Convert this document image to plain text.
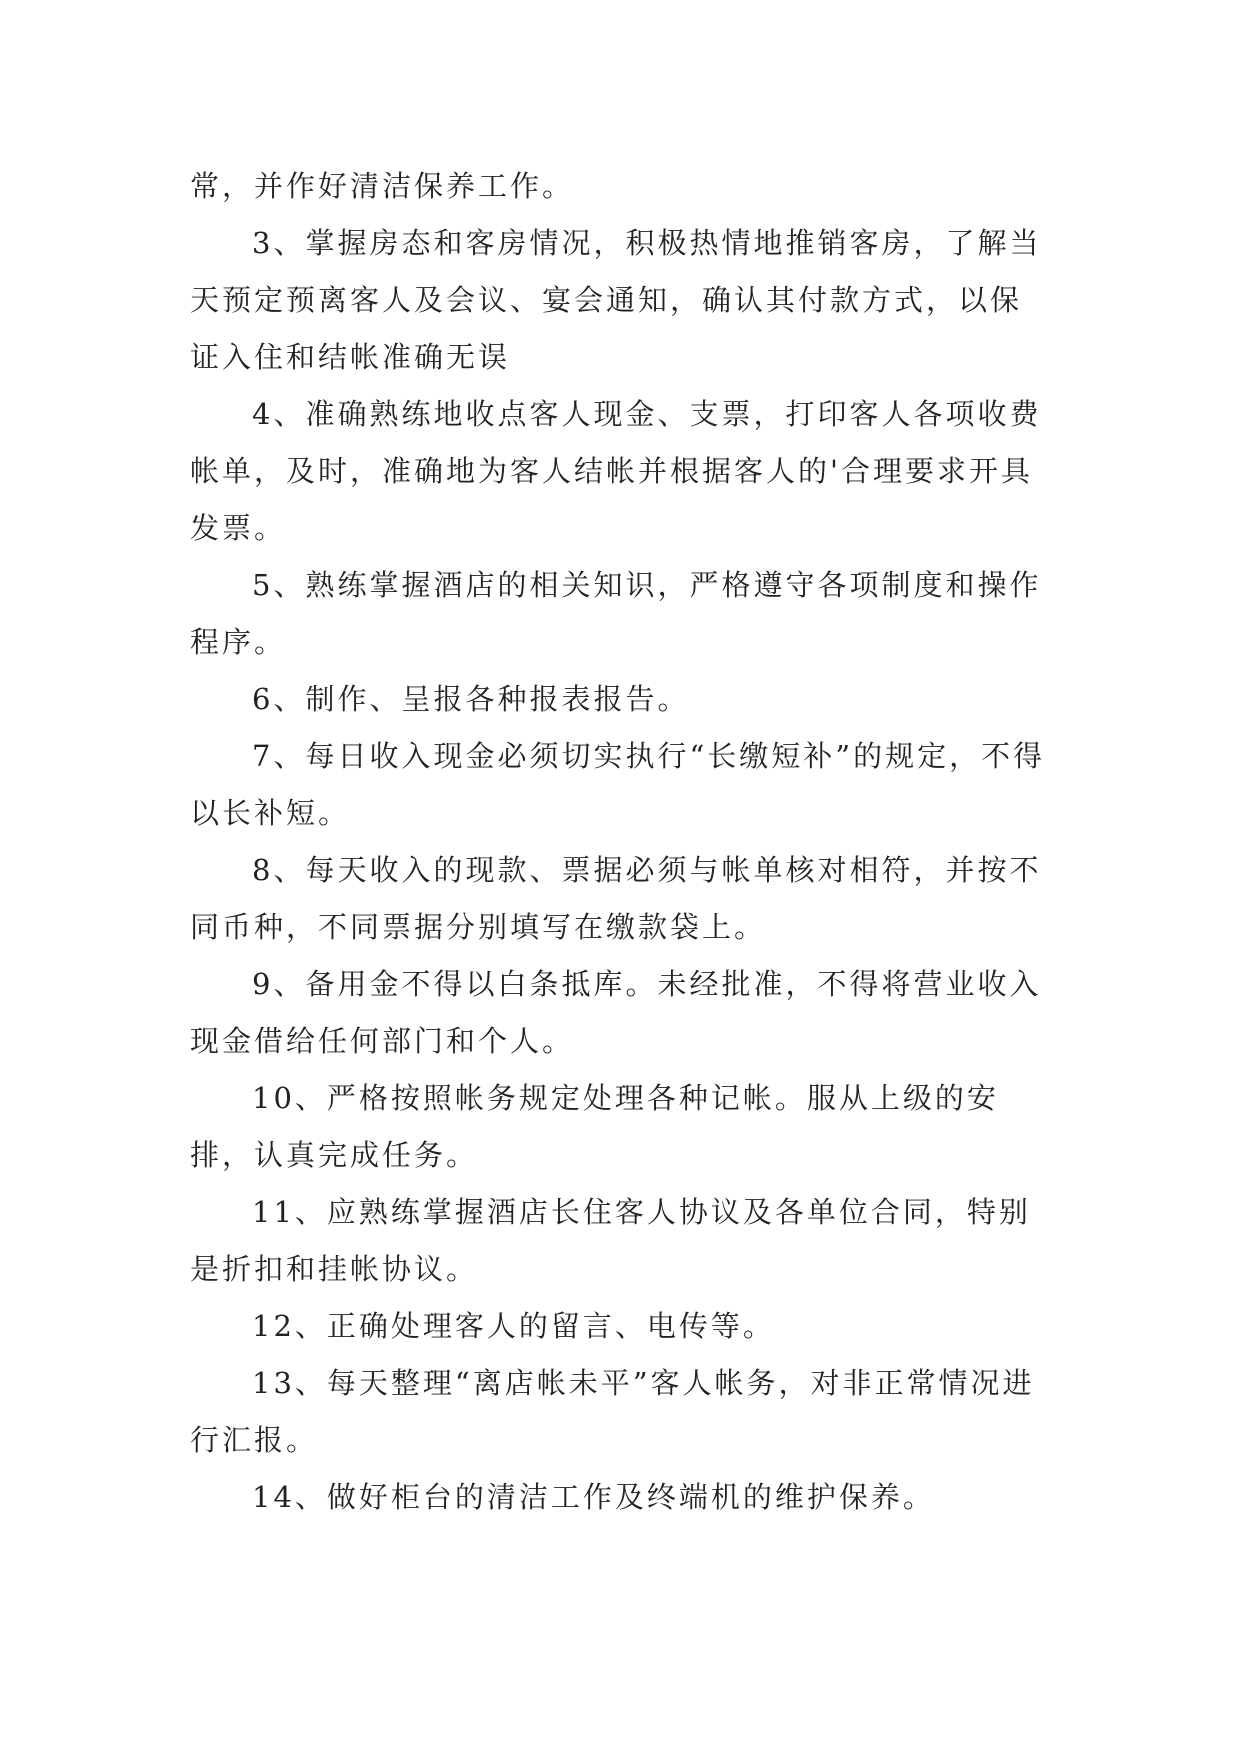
常，并作好清洁保养工作。

3、掌握房态和客房情况，积极热情地推销客房，了解当天预定预离客人及会议、宴会通知，确认其付款方式，以保证入住和结帐准确无误

4、准确熟练地收点客人现金、支票，打印客人各项收费帐单，及时，准确地为客人结帐并根据客人的'合理要求开具发票。

5、熟练掌握酒店的相关知识，严格遵守各项制度和操作程序。

6、制作、呈报各种报表报告。

7、每日收入现金必须切实执行“长缴短补”的规定，不得以长补短。

8、每天收入的现款、票据必须与帐单核对相符，并按不同币种，不同票据分别填写在缴款袋上。

9、备用金不得以白条抵库。未经批准，不得将营业收入现金借给任何部门和个人。

10、严格按照帐务规定处理各种记帐。服从上级的安排，认真完成任务。

11、应熟练掌握酒店长住客人协议及各单位合同，特别是折扣和挂帐协议。

12、正确处理客人的留言、电传等。

13、每天整理“离店帐未平”客人帐务，对非正常情况进行汇报。

14、做好柜台的清洁工作及终端机的维护保养。
